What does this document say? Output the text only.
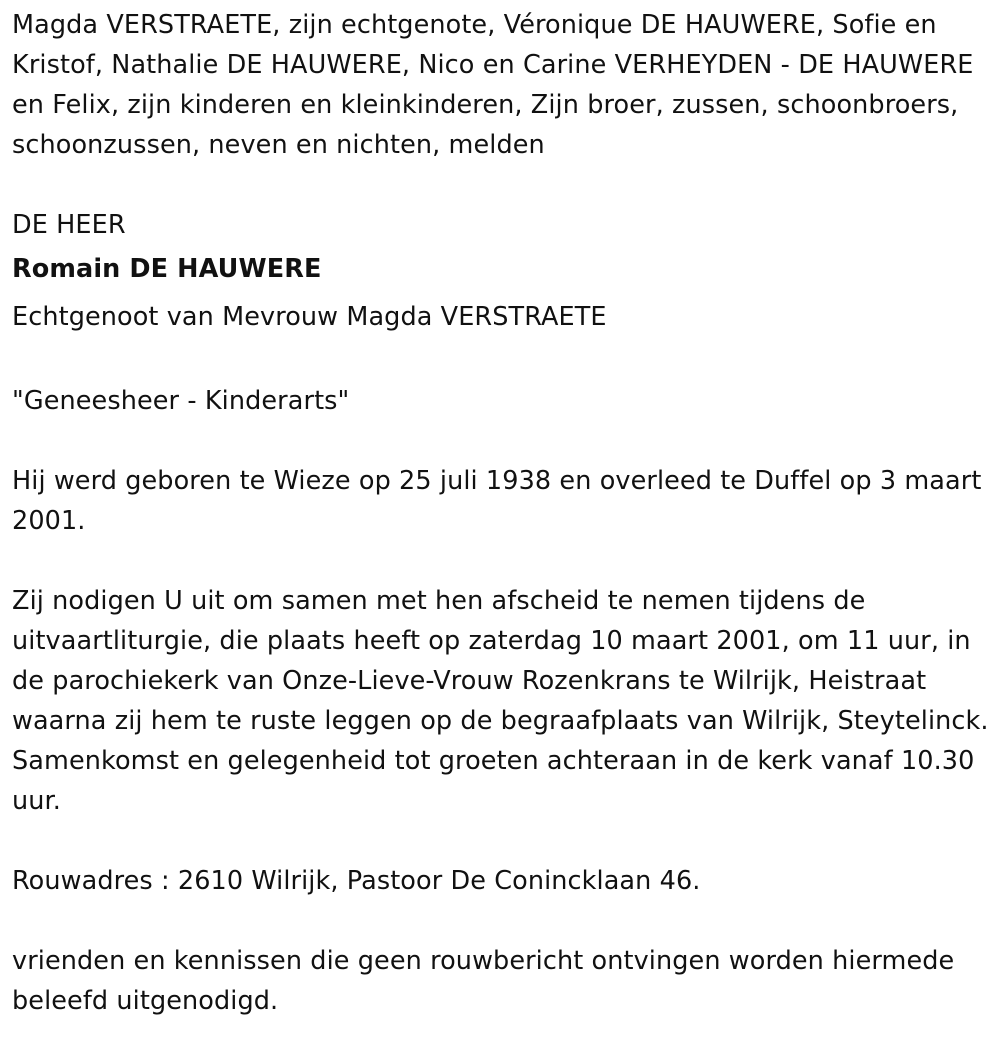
Magda VERSTRAETE, zijn echtgenote, Véronique DE HAUWERE, Sofie en Kristof, Nathalie DE HAUWERE, Nico en Carine VERHEYDEN - DE HAUWERE en Felix, zijn kinderen en kleinkinderen, Zijn broer, zussen, schoonbroers, schoonzussen, neven en nichten, melden

DE HEER

Romain DE HAUWERE

Echtgenoot van Mevrouw Magda VERSTRAETE

"Geneesheer - Kinderarts"

Hij werd geboren te Wieze op 25 juli 1938 en overleed te Duffel op 3 maart 2001.

Zij nodigen U uit om samen met hen afscheid te nemen tijdens de uitvaartliturgie, die plaats heeft op zaterdag 10 maart 2001, om 11 uur, in de parochiekerk van Onze-Lieve-Vrouw Rozenkrans te Wilrijk, Heistraat waarna zij hem te ruste leggen op de begraafplaats van Wilrijk, Steytelinck. Samenkomst en gelegenheid tot groeten achteraan in de kerk vanaf 10.30 uur.

Rouwadres : 2610 Wilrijk, Pastoor De Conincklaan 46.

vrienden en kennissen die geen rouwbericht ontvingen worden hiermede beleefd uitgenodigd.
